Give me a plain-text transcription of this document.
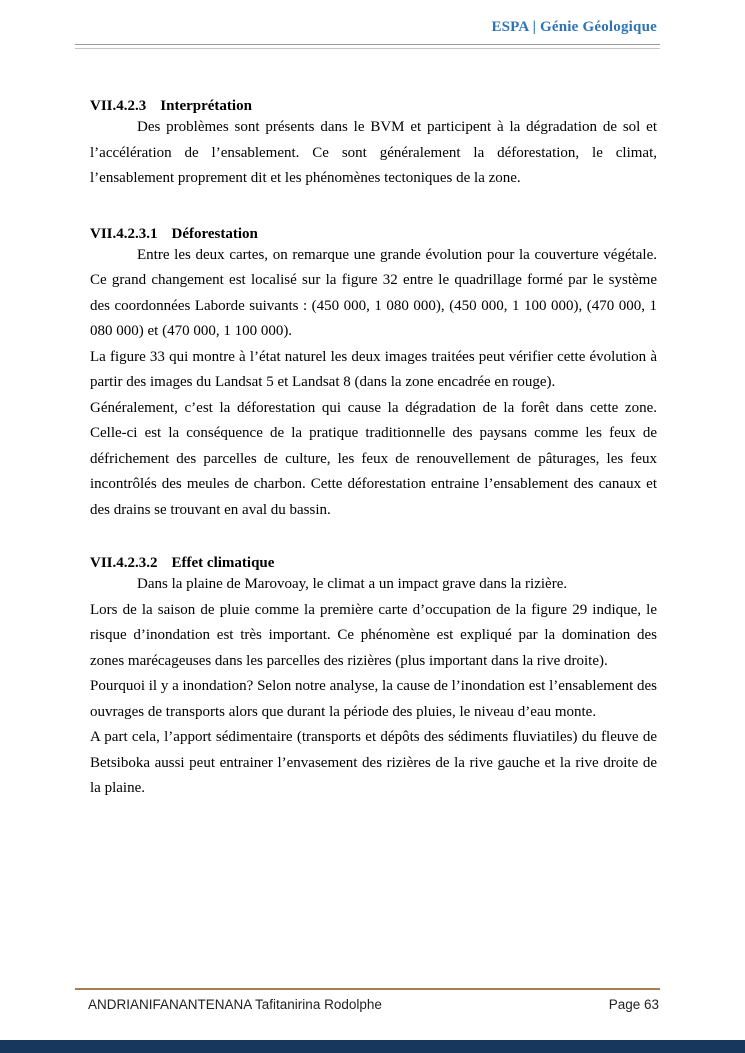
ESPA | Génie Géologique
VII.4.2.3 Interprétation

Des problèmes sont présents dans le BVM et participent à la dégradation de sol et l’accélération de l’ensablement. Ce sont généralement la déforestation, le climat, l’ensablement proprement dit et les phénomènes tectoniques de la zone.

VII.4.2.3.1 Déforestation

Entre les deux cartes, on remarque une grande évolution pour la couverture végétale. Ce grand changement est localisé sur la figure 32 entre le quadrillage formé par le système des coordonnées Laborde suivants : (450 000, 1 080 000), (450 000, 1 100 000), (470 000, 1 080 000) et (470 000, 1 100 000).

La figure 33 qui montre à l’état naturel les deux images traitées peut vérifier cette évolution à partir des images du Landsat 5 et Landsat 8 (dans la zone encadrée en rouge).

Généralement, c’est la déforestation qui cause la dégradation de la forêt dans cette zone. Celle-ci est la conséquence de la pratique traditionnelle des paysans comme les feux de défrichement des parcelles de culture, les feux de renouvellement de pâturages, les feux incontrôlés des meules de charbon. Cette déforestation entraine l’ensablement des canaux et des drains se trouvant en aval du bassin.

VII.4.2.3.2 Effet climatique

Dans la plaine de Marovoay, le climat a un impact grave dans la rizière.

Lors de la saison de pluie comme la première carte d’occupation de la figure 29 indique, le risque d’inondation est très important. Ce phénomène est expliqué par la domination des zones marécageuses dans les parcelles des rizières (plus important dans la rive droite).

Pourquoi il y a inondation? Selon notre analyse, la cause de l’inondation est l’ensablement des ouvrages de transports alors que durant la période des pluies, le niveau d’eau monte.

A part cela, l’apport sédimentaire (transports et dépôts des sédiments fluviatiles) du fleuve de Betsiboka aussi peut entrainer l’envasement des rizières de la rive gauche et la rive droite de la plaine.

ANDRIANIFANANTENANA Tafitanirina Rodolphe	Page 63
